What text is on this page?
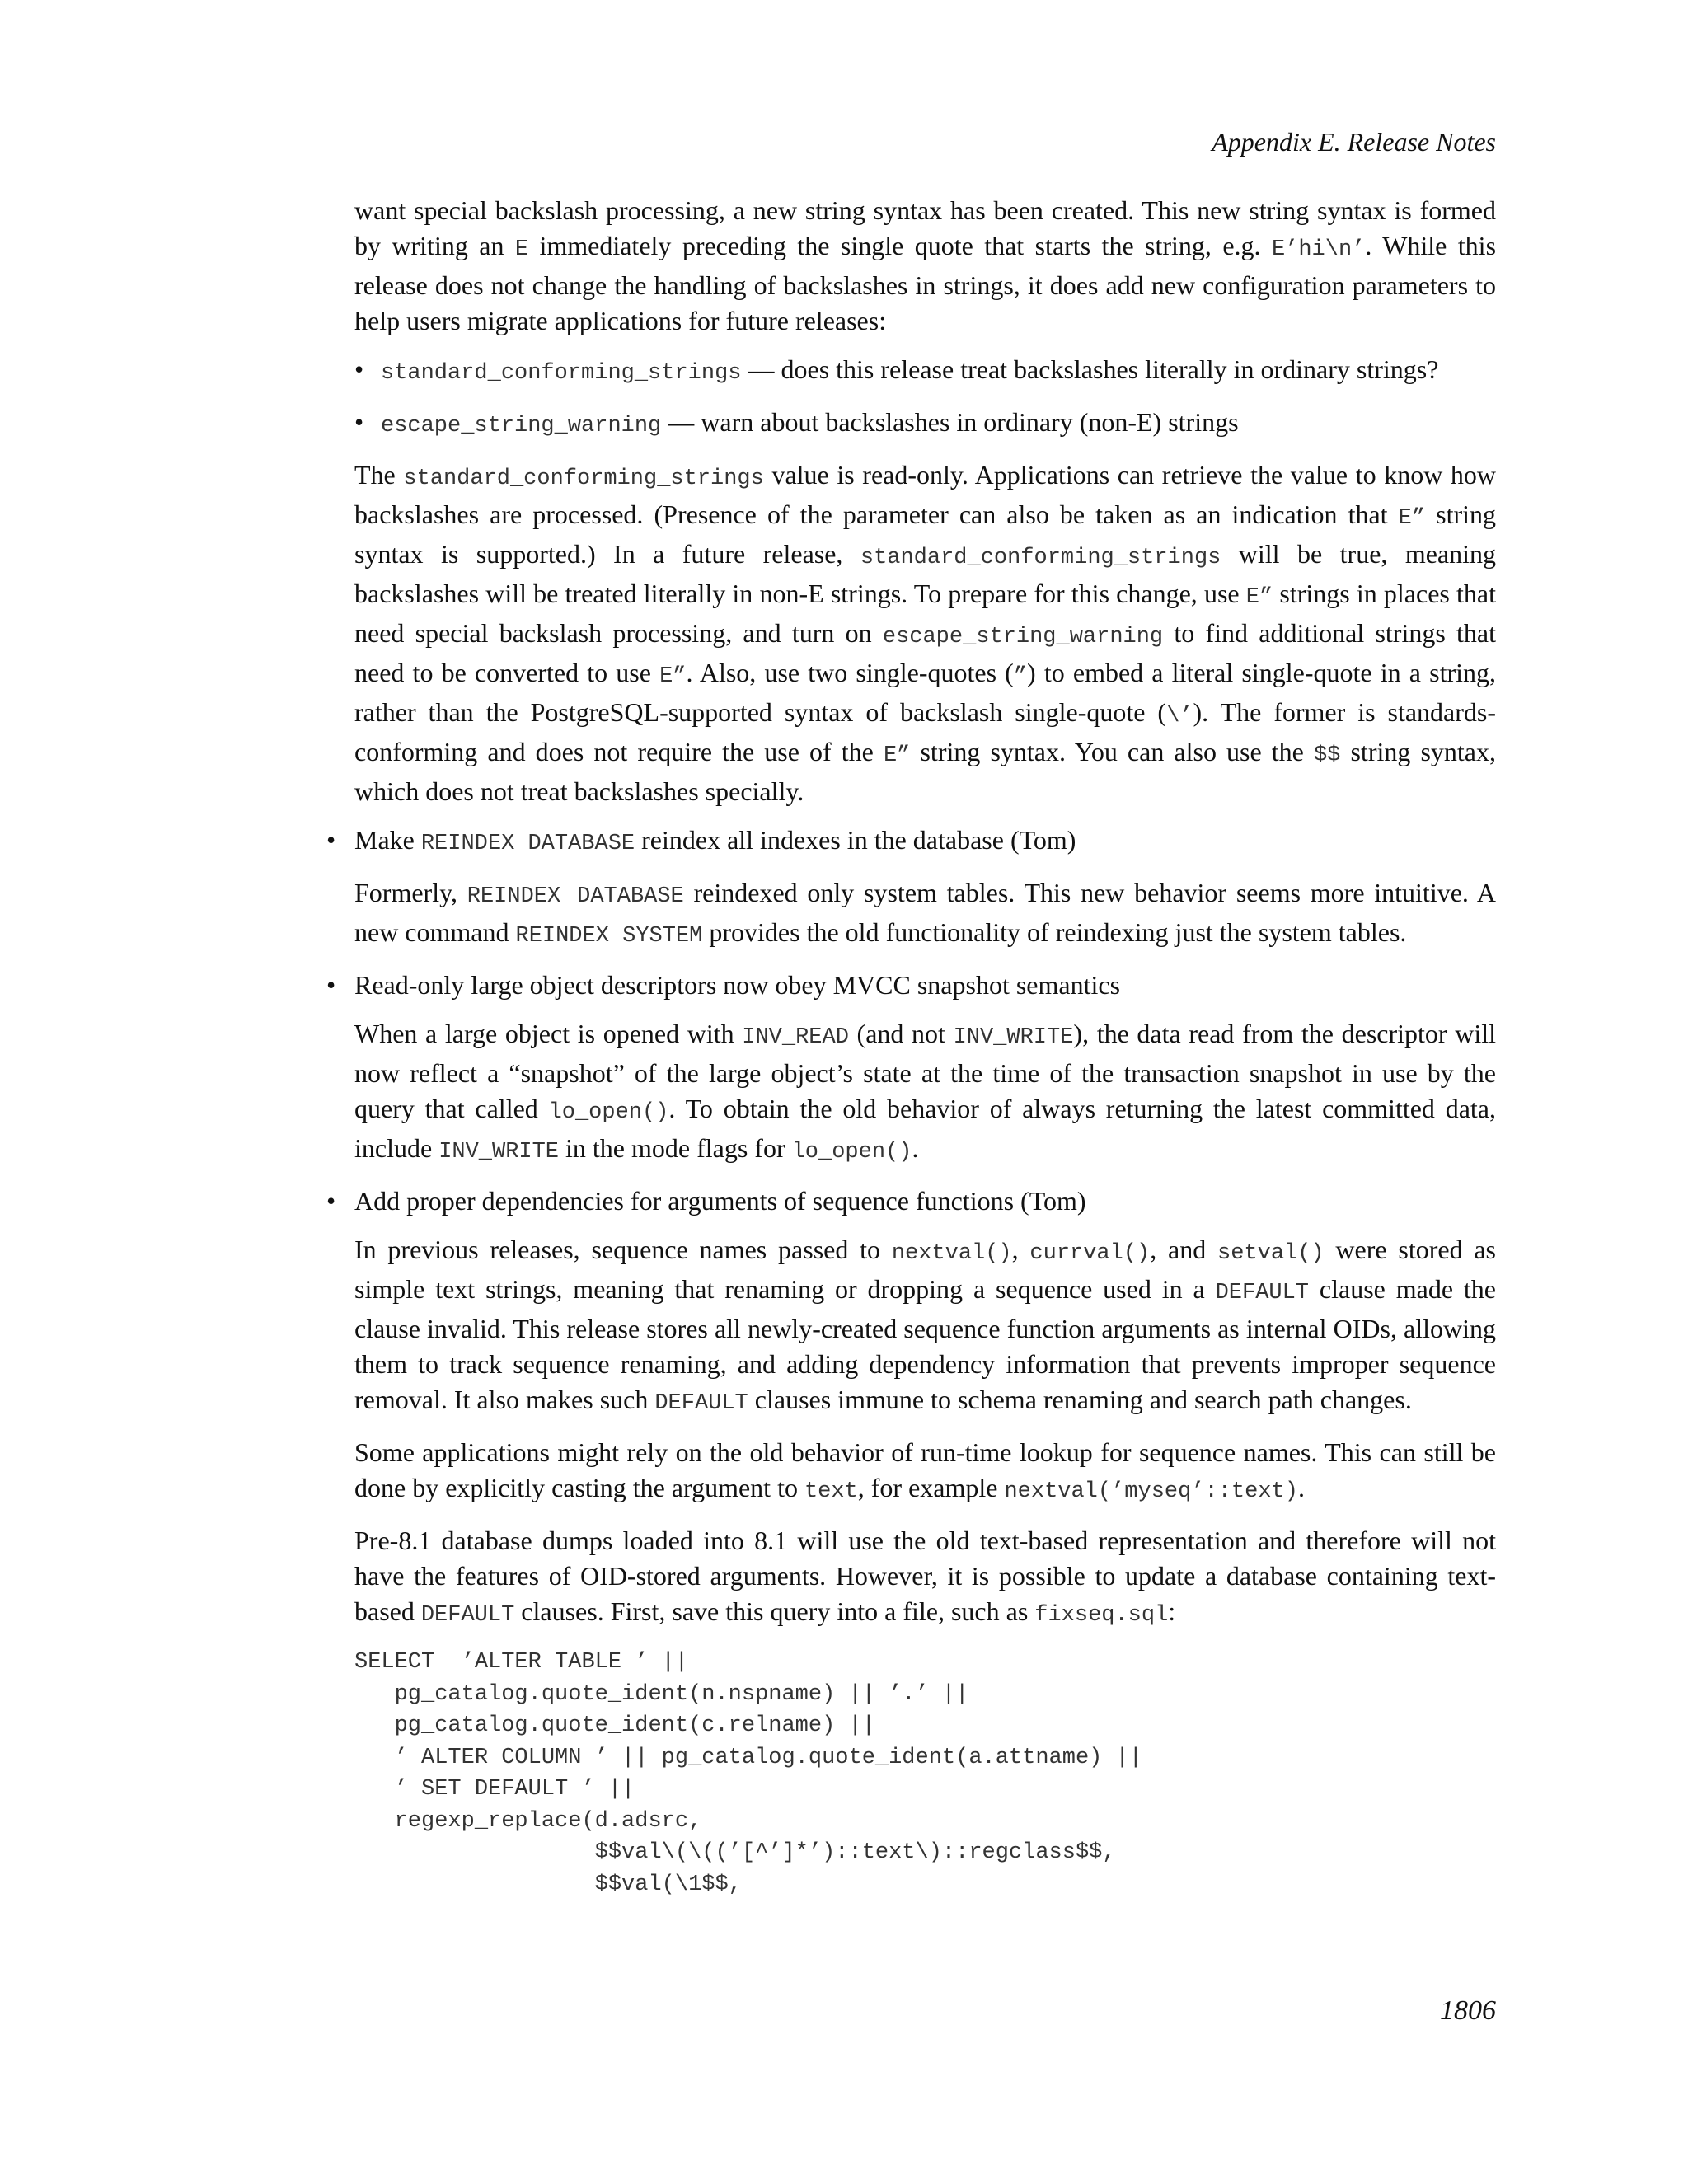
Appendix E. Release Notes

want special backslash processing, a new string syntax has been created. This new string syntax is formed by writing an E immediately preceding the single quote that starts the string, e.g. E’hi\n’. While this release does not change the handling of backslashes in strings, it does add new configuration parameters to help users migrate applications for future releases:

• standard_conforming_strings — does this release treat backslashes literally in ordinary strings?
• escape_string_warning — warn about backslashes in ordinary (non-E) strings

The standard_conforming_strings value is read-only. Applications can retrieve the value to know how backslashes are processed. (Presence of the parameter can also be taken as an indication that E” string syntax is supported.) In a future release, standard_conforming_strings will be true, meaning backslashes will be treated literally in non-E strings. To prepare for this change, use E” strings in places that need special backslash processing, and turn on escape_string_warning to find additional strings that need to be converted to use E”. Also, use two single-quotes (”) to embed a literal single-quote in a string, rather than the PostgreSQL-supported syntax of backslash single-quote (\’). The former is standards-conforming and does not require the use of the E” string syntax. You can also use the $$ string syntax, which does not treat backslashes specially.

• Make REINDEX DATABASE reindex all indexes in the database (Tom)

Formerly, REINDEX DATABASE reindexed only system tables. This new behavior seems more intuitive. A new command REINDEX SYSTEM provides the old functionality of reindexing just the system tables.

• Read-only large object descriptors now obey MVCC snapshot semantics

When a large object is opened with INV_READ (and not INV_WRITE), the data read from the descriptor will now reflect a “snapshot” of the large object’s state at the time of the transaction snapshot in use by the query that called lo_open(). To obtain the old behavior of always returning the latest committed data, include INV_WRITE in the mode flags for lo_open().

• Add proper dependencies for arguments of sequence functions (Tom)

In previous releases, sequence names passed to nextval(), currval(), and setval() were stored as simple text strings, meaning that renaming or dropping a sequence used in a DEFAULT clause made the clause invalid. This release stores all newly-created sequence function arguments as internal OIDs, allowing them to track sequence renaming, and adding dependency information that prevents improper sequence removal. It also makes such DEFAULT clauses immune to schema renaming and search path changes.

Some applications might rely on the old behavior of run-time lookup for sequence names. This can still be done by explicitly casting the argument to text, for example nextval(’myseq’::text).

Pre-8.1 database dumps loaded into 8.1 will use the old text-based representation and therefore will not have the features of OID-stored arguments. However, it is possible to update a database containing text-based DEFAULT clauses. First, save this query into a file, such as fixseq.sql:

SELECT  ’ALTER TABLE ’ ||
pg_catalog.quote_ident(n.nspname) || ’.’ ||
pg_catalog.quote_ident(c.relname) ||
’ ALTER COLUMN ’ || pg_catalog.quote_ident(a.attname) ||
’ SET DEFAULT ’ ||
regexp_replace(d.adsrc,
$$val\(\((’[^’]*’)::text\)::regclass$$,
$$val(\1$$,
1806
